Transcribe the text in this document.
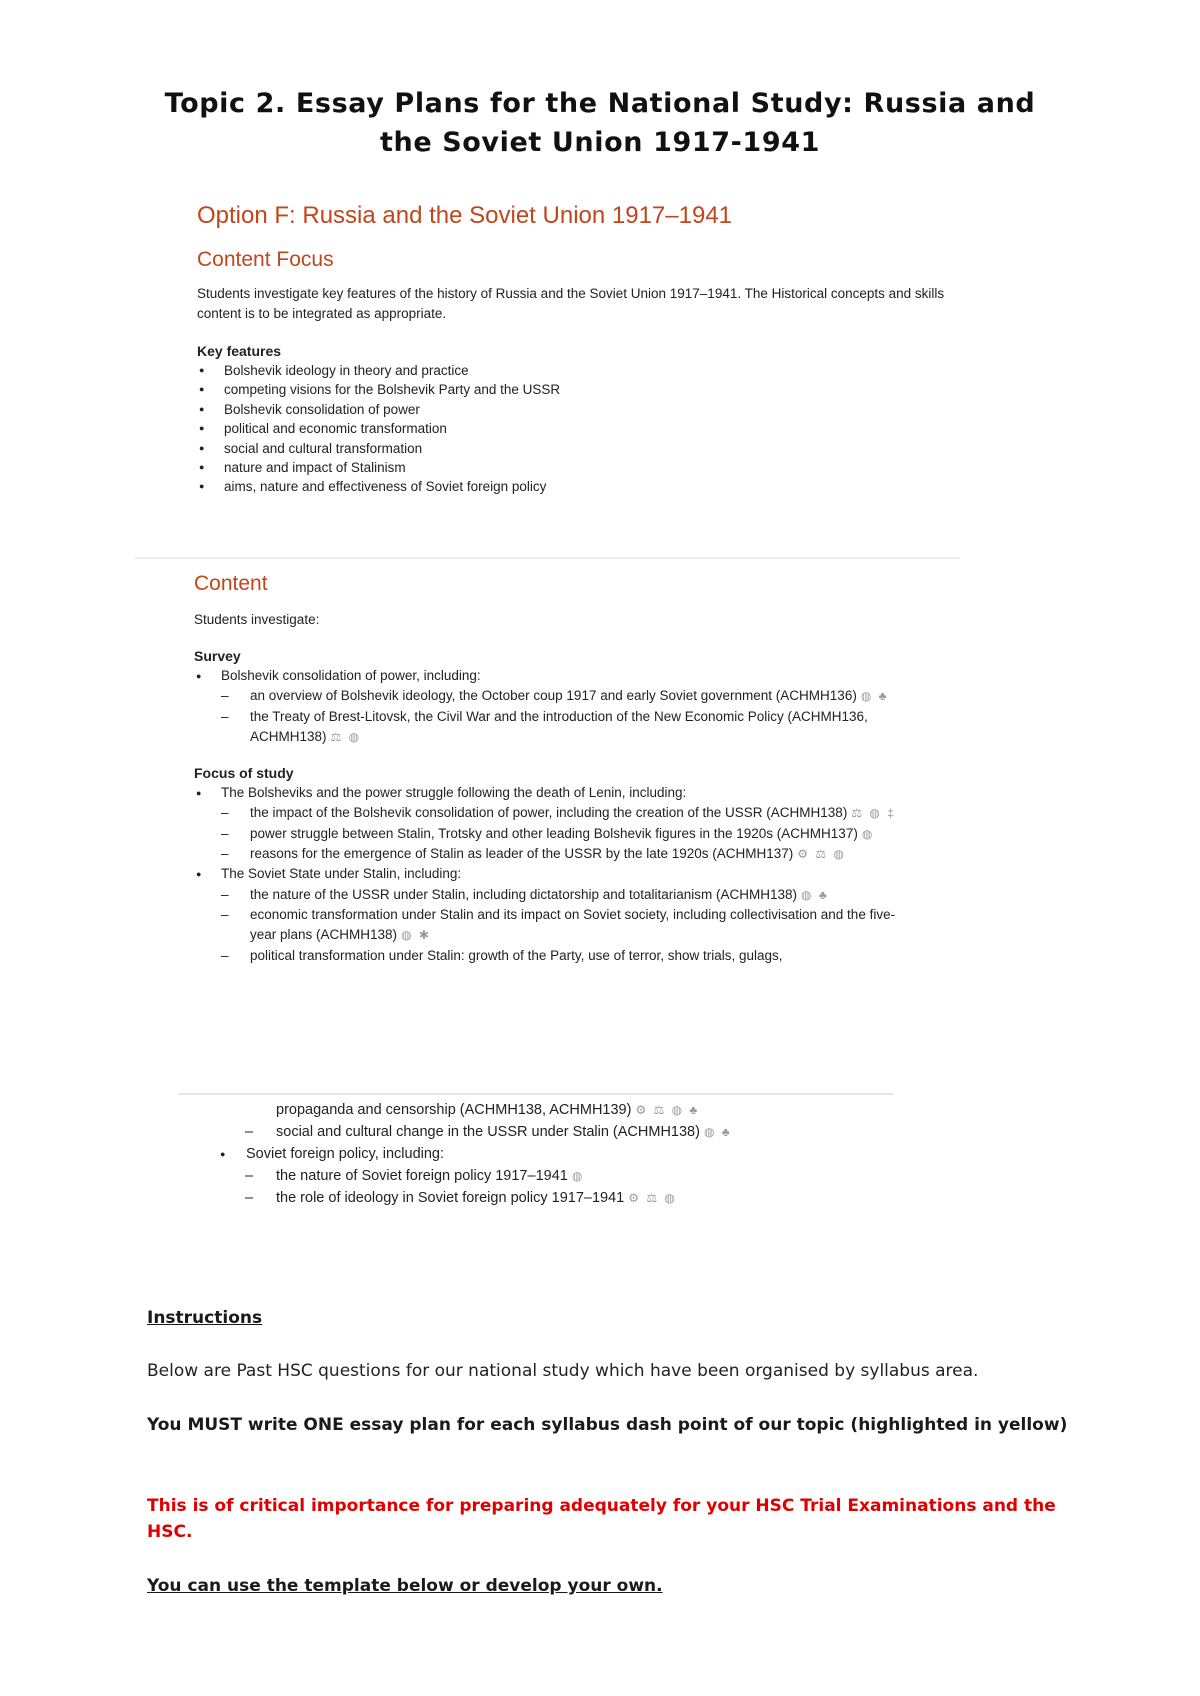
Topic 2. Essay Plans for the National Study: Russia and
the Soviet Union 1917-1941
Option F: Russia and the Soviet Union 1917–1941
Content Focus

Students investigate key features of the history of Russia and the Soviet Union 1917–1941. The Historical concepts and skills content is to be integrated as appropriate.

Key features
● Bolshevik ideology in theory and practice
● competing visions for the Bolshevik Party and the USSR
● Bolshevik consolidation of power
● political and economic transformation
● social and cultural transformation
● nature and impact of Stalinism
● aims, nature and effectiveness of Soviet foreign policy
Content

Students investigate:

Survey
● Bolshevik consolidation of power, including:
– an overview of Bolshevik ideology, the October coup 1917 and early Soviet government (ACHMH136) ◍ ♣
– the Treaty of Brest-Litovsk, the Civil War and the introduction of the New Economic Policy (ACHMH136, ACHMH138) ⚖ ◍
Focus of study
● The Bolsheviks and the power struggle following the death of Lenin, including:
– the impact of the Bolshevik consolidation of power, including the creation of the USSR (ACHMH138) ⚖ ◍ ‡
– power struggle between Stalin, Trotsky and other leading Bolshevik figures in the 1920s (ACHMH137) ◍
– reasons for the emergence of Stalin as leader of the USSR by the late 1920s (ACHMH137) ⚙ ⚖ ◍
● The Soviet State under Stalin, including:
– the nature of the USSR under Stalin, including dictatorship and totalitarianism (ACHMH138) ◍ ♣
– economic transformation under Stalin and its impact on Soviet society, including collectivisation and the five-year plans (ACHMH138) ◍ ✱
– political transformation under Stalin: growth of the Party, use of terror, show trials, gulags,
propaganda and censorship (ACHMH138, ACHMH139) ⚙ ⚖ ◍ ♣
– social and cultural change in the USSR under Stalin (ACHMH138) ◍ ♣
● Soviet foreign policy, including:
– the nature of Soviet foreign policy 1917–1941 ◍
– the role of ideology in Soviet foreign policy 1917–1941 ⚙ ⚖ ◍
Instructions
Below are Past HSC questions for our national study which have been organised by syllabus area.
You MUST write ONE essay plan for each syllabus dash point of our topic (highlighted in yellow)
This is of critical importance for preparing adequately for your HSC Trial Examinations and the HSC.
You can use the template below or develop your own.
